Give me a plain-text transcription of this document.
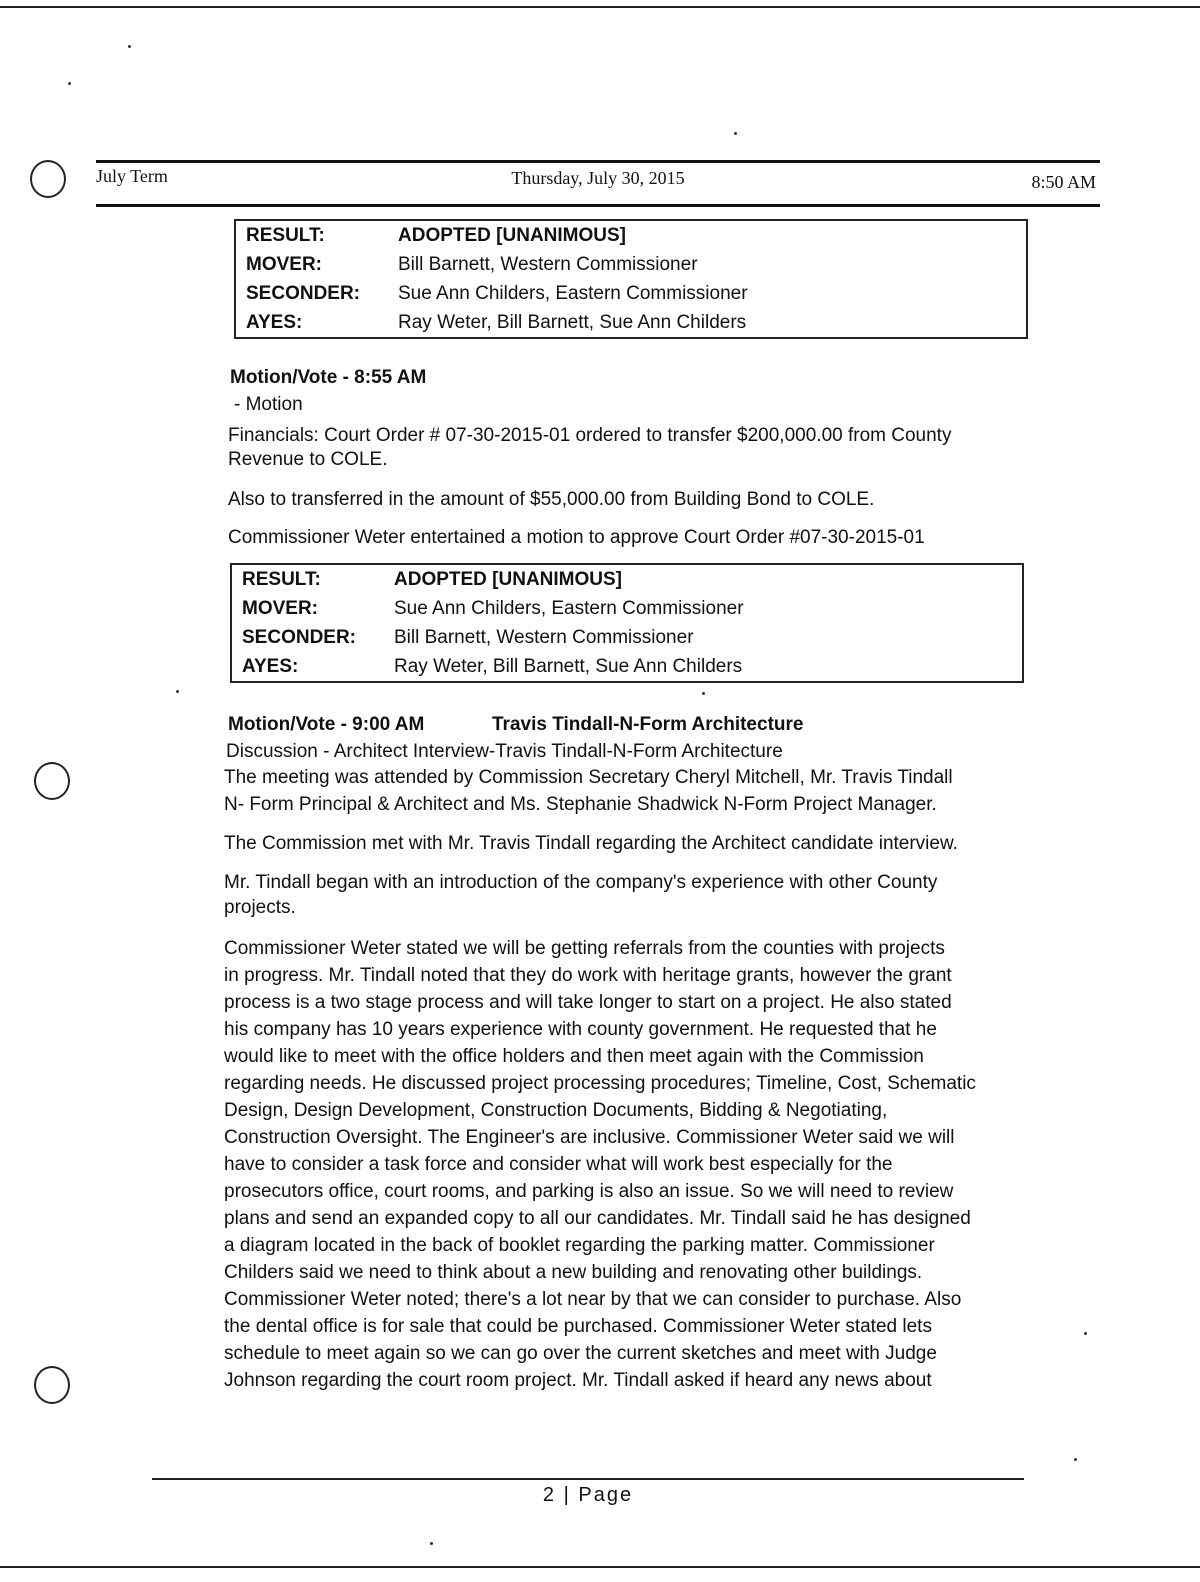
July Term	Thursday, July 30, 2015	8:50 AM
RESULT:	ADOPTED [UNANIMOUS]
MOVER:	Bill Barnett, Western Commissioner
SECONDER:	Sue Ann Childers, Eastern Commissioner
AYES:	Ray Weter, Bill Barnett, Sue Ann Childers
Motion/Vote - 8:55 AM
- Motion
Financials: Court Order # 07-30-2015-01 ordered to transfer $200,000.00 from County
Revenue to COLE.
Also to transferred in the amount of $55,000.00 from Building Bond to COLE.
Commissioner Weter entertained a motion to approve Court Order #07-30-2015-01
RESULT:	ADOPTED [UNANIMOUS]
MOVER:	Sue Ann Childers, Eastern Commissioner
SECONDER:	Bill Barnett, Western Commissioner
AYES:	Ray Weter, Bill Barnett, Sue Ann Childers
Motion/Vote - 9:00 AM	Travis Tindall-N-Form Architecture
Discussion - Architect Interview-Travis Tindall-N-Form Architecture
The meeting was attended by Commission Secretary Cheryl Mitchell, Mr. Travis Tindall
N- Form Principal & Architect and Ms. Stephanie Shadwick N-Form Project Manager.
The Commission met with Mr. Travis Tindall regarding the Architect candidate interview.
Mr. Tindall began with an introduction of the company's experience with other County
projects.
Commissioner Weter stated we will be getting referrals from the counties with projects
in progress. Mr. Tindall noted that they do work with heritage grants, however the grant
process is a two stage process and will take longer to start on a project. He also stated
his company has 10 years experience with county government. He requested that he
would like to meet with the office holders and then meet again with the Commission
regarding needs. He discussed project processing procedures; Timeline, Cost, Schematic
Design, Design Development, Construction Documents, Bidding & Negotiating,
Construction Oversight. The Engineer's are inclusive. Commissioner Weter said we will
have to consider a task force and consider what will work best especially for the
prosecutors office, court rooms, and parking is also an issue. So we will need to review
plans and send an expanded copy to all our candidates. Mr. Tindall said he has designed
a diagram located in the back of booklet regarding the parking matter. Commissioner
Childers said we need to think about a new building and renovating other buildings.
Commissioner Weter noted; there's a lot near by that we can consider to purchase. Also
the dental office is for sale that could be purchased. Commissioner Weter stated lets
schedule to meet again so we can go over the current sketches and meet with Judge
Johnson regarding the court room project. Mr. Tindall asked if heard any news about
2 | Page
